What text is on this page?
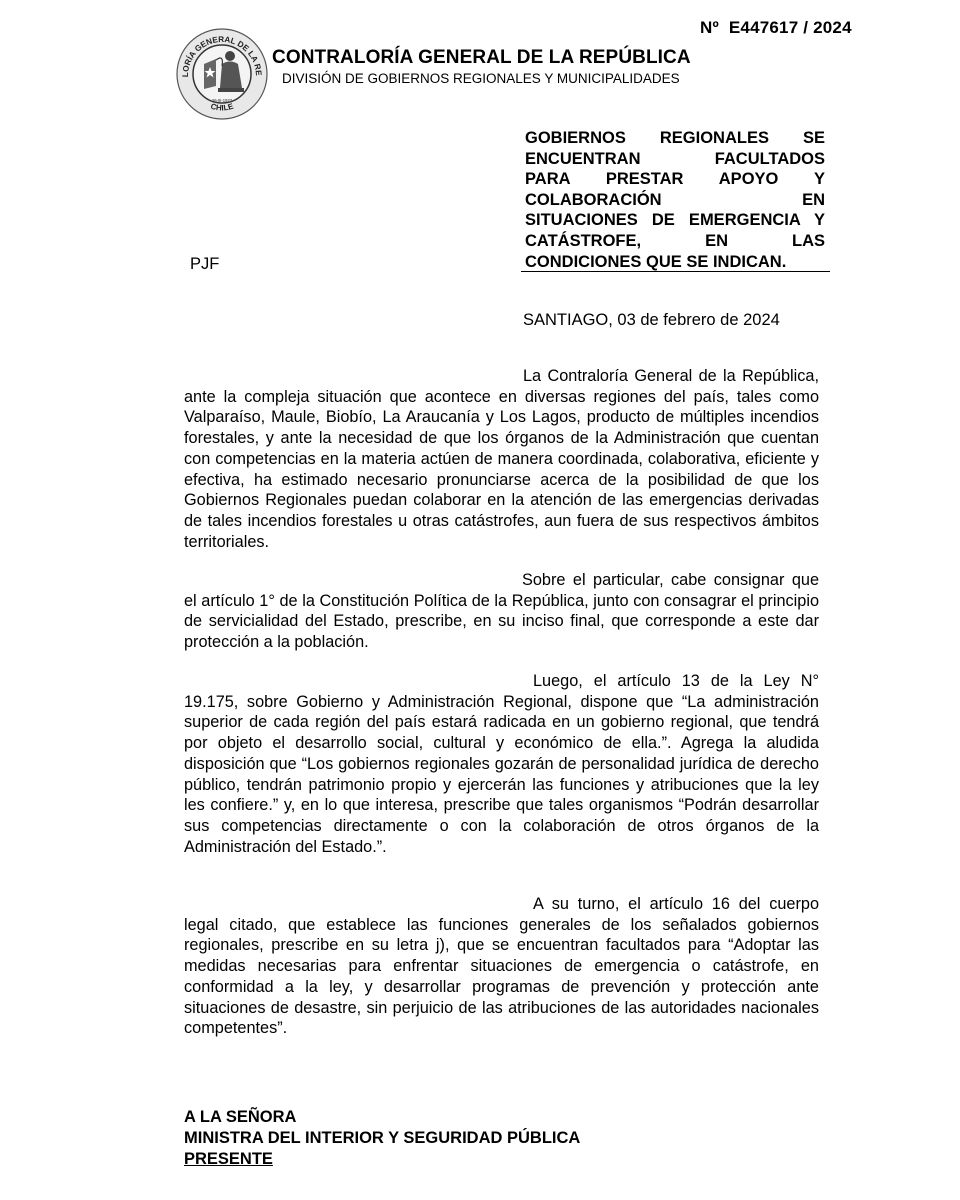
Nº E447617 / 2024
LORÍA GENERAL DE LA RE
CHILE
26-III-1927
CONTRALORÍA GENERAL DE LA REPÚBLICA
DIVISIÓN DE GOBIERNOS REGIONALES Y MUNICIPALIDADES
GOBIERNOS REGIONALES SE
ENCUENTRAN FACULTADOS
PARA PRESTAR APOYO Y
COLABORACIÓN EN
SITUACIONES DE EMERGENCIA Y
CATÁSTROFE, EN LAS
CONDICIONES QUE SE INDICAN.
PJF
SANTIAGO, 03 de febrero de 2024

La Contraloría General de la República, ante la compleja situación que acontece en diversas regiones del país, tales como Valparaíso, Maule, Biobío, La Araucanía y Los Lagos, producto de múltiples incendios forestales, y ante la necesidad de que los órganos de la Administración que cuentan con competencias en la materia actúen de manera coordinada, colaborativa, eficiente y efectiva, ha estimado necesario pronunciarse acerca de la posibilidad de que los Gobiernos Regionales puedan colaborar en la atención de las emergencias derivadas de tales incendios forestales u otras catástrofes, aun fuera de sus respectivos ámbitos territoriales.

Sobre el particular, cabe consignar que el artículo 1° de la Constitución Política de la República, junto con consagrar el principio de servicialidad del Estado, prescribe, en su inciso final, que corresponde a este dar protección a la población.

Luego, el artículo 13 de la Ley N° 19.175, sobre Gobierno y Administración Regional, dispone que “La administración superior de cada región del país estará radicada en un gobierno regional, que tendrá por objeto el desarrollo social, cultural y económico de ella.”. Agrega la aludida disposición que “Los gobiernos regionales gozarán de personalidad jurídica de derecho público, tendrán patrimonio propio y ejercerán las funciones y atribuciones que la ley les confiere.” y, en lo que interesa, prescribe que tales organismos “Podrán desarrollar sus competencias directamente o con la colaboración de otros órganos de la Administración del Estado.”.

A su turno, el artículo 16 del cuerpo legal citado, que establece las funciones generales de los señalados gobiernos regionales, prescribe en su letra j), que se encuentran facultados para “Adoptar las medidas necesarias para enfrentar situaciones de emergencia o catástrofe, en conformidad a la ley, y desarrollar programas de prevención y protección ante situaciones de desastre, sin perjuicio de las atribuciones de las autoridades nacionales competentes”.

A LA SEÑORA
MINISTRA DEL INTERIOR Y SEGURIDAD PÚBLICA
PRESENTE
